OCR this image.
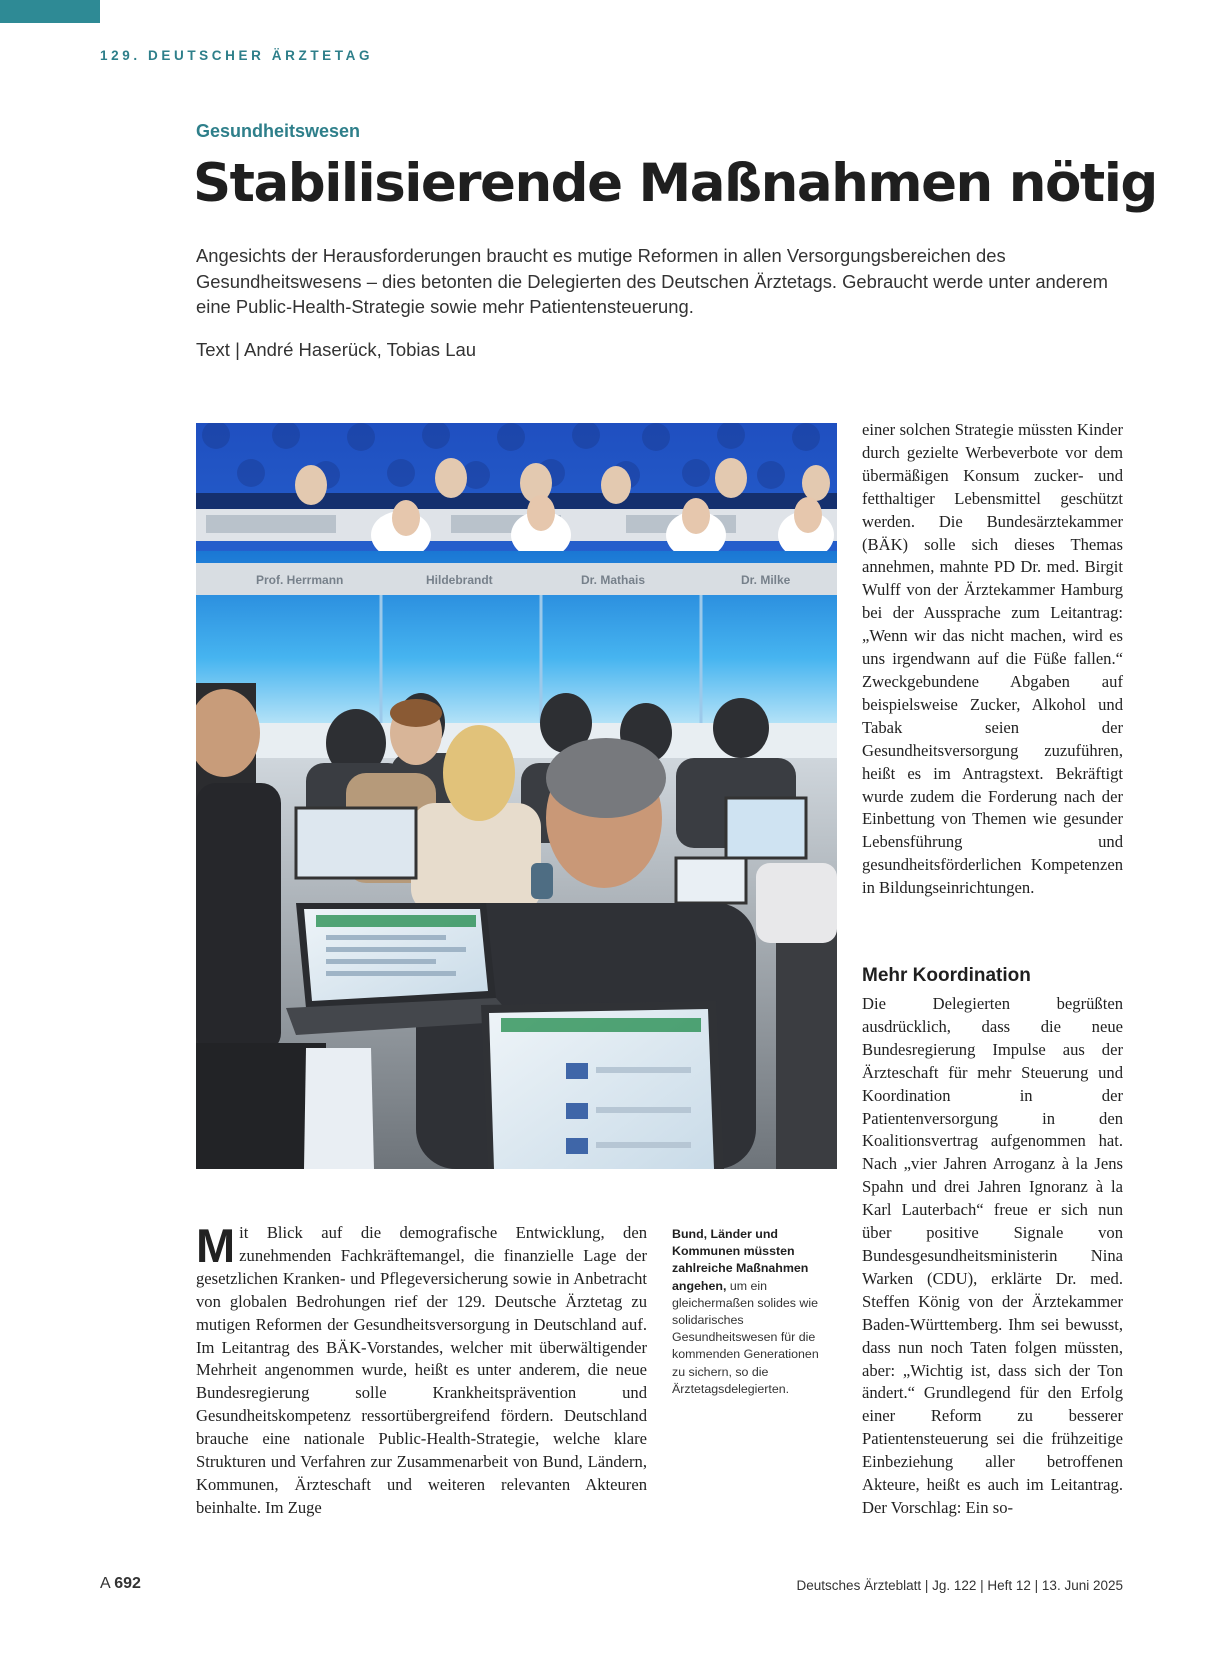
129. DEUTSCHER ÄRZTETAG
Gesundheitswesen
Stabilisierende Maßnahmen nötig

Angesichts der Herausforderungen braucht es mutige Reformen in allen Versorgungsbereichen des Gesundheitswesens – dies betonten die Delegierten des Deutschen Ärztetags. Gebraucht werde unter anderem eine Public-Health-Strategie sowie mehr Patientensteuerung.

Text | André Haserück, Tobias Lau
Prof. Herrmann	Hildebrandt	Dr. Mathais	Dr. Milke

einer solchen Strategie müssten Kinder durch gezielte Werbeverbote vor dem übermäßigen Konsum zucker- und fetthaltiger Lebensmittel geschützt werden. Die Bundesärztekammer (BÄK) solle sich dieses Themas annehmen, mahnte PD Dr. med. Birgit Wulff von der Ärztekammer Hamburg bei der Aussprache zum Leitantrag: „Wenn wir das nicht machen, wird es uns irgendwann auf die Füße fallen.“ Zweckgebundene Abgaben auf beispielsweise Zucker, Alkohol und Tabak seien der Gesundheitsversorgung zuzuführen, heißt es im Antragstext. Bekräftigt wurde zudem die Forderung nach der Einbettung von Themen wie gesunder Lebensführung und gesundheitsförderlichen Kompetenzen in Bildungseinrichtungen.

Mehr Koordination

Die Delegierten begrüßten ausdrücklich, dass die neue Bundesregierung Impulse aus der Ärzteschaft für mehr Steuerung und Koordination in der Patientenversorgung in den Koalitionsvertrag aufgenommen hat. Nach „vier Jahren Arroganz à la Jens Spahn und drei Jahren Ignoranz à la Karl Lauterbach“ freue er sich nun über positive Signale von Bundesgesundheitsministerin Nina Warken (CDU), erklärte Dr. med. Steffen König von der Ärztekammer Baden-Württemberg. Ihm sei bewusst, dass nun noch Taten folgen müssten, aber: „Wichtig ist, dass sich der Ton ändert.“ Grundlegend für den Erfolg einer Reform zu besserer Patientensteuerung sei die frühzeitige Einbeziehung aller betroffenen Akteure, heißt es auch im Leitantrag. Der Vorschlag: Ein so-

Mit Blick auf die demografische Entwicklung, den zunehmenden Fachkräftemangel, die finanzielle Lage der gesetzlichen Kranken- und Pflegeversicherung sowie in Anbetracht von globalen Bedrohungen rief der 129. Deutsche Ärztetag zu mutigen Reformen der Gesundheitsversorgung in Deutschland auf. Im Leitantrag des BÄK-Vorstandes, welcher mit überwältigender Mehrheit angenommen wurde, heißt es unter anderem, die neue Bundesregierung solle Krankheitsprävention und Gesundheitskompetenz ressortübergreifend fördern. Deutschland brauche eine nationale Public-Health-Strategie, welche klare Strukturen und Verfahren zur Zusammenarbeit von Bund, Ländern, Kommunen, Ärzteschaft und weiteren relevanten Akteuren beinhalte. Im Zuge

Bund, Länder und Kommunen müssten zahlreiche Maßnahmen angehen, um ein gleichermaßen solides wie solidarisches Gesundheitswesen für die kommenden Generationen zu sichern, so die Ärztetagsdelegierten.

A 692	Deutsches Ärzteblatt | Jg. 122 | Heft 12 | 13. Juni 2025
